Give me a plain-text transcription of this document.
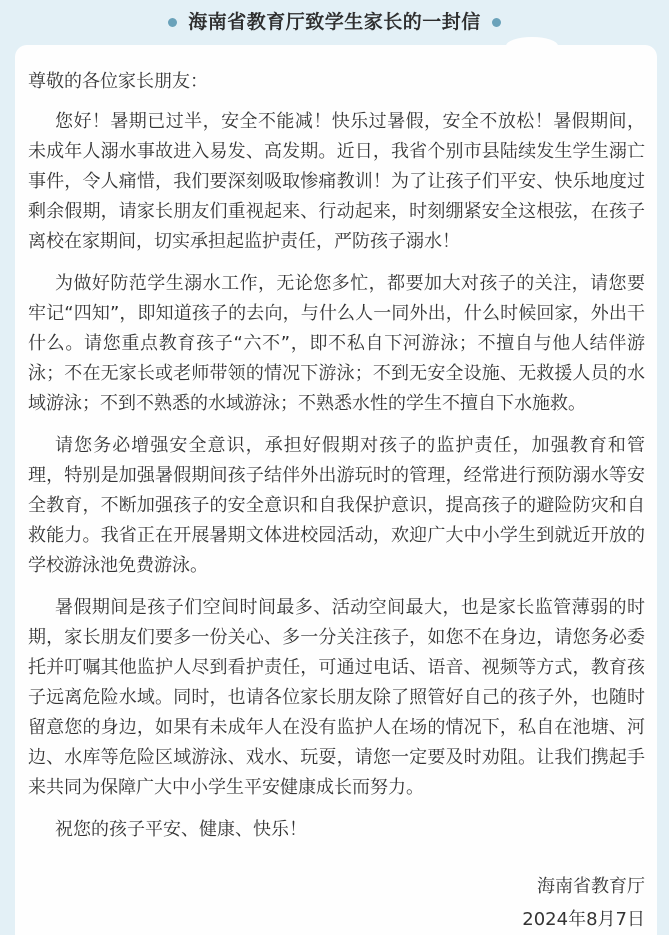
海南省教育厅致学生家长的一封信

尊敬的各位家长朋友：

您好！暑期已过半，安全不能减！快乐过暑假，安全不放松！暑假期间，未成年人溺水事故进入易发、高发期。近日，我省个别市县陆续发生学生溺亡事件，令人痛惜，我们要深刻吸取惨痛教训！为了让孩子们平安、快乐地度过剩余假期，请家长朋友们重视起来、行动起来，时刻绷紧安全这根弦，在孩子离校在家期间，切实承担起监护责任，严防孩子溺水！

为做好防范学生溺水工作，无论您多忙，都要加大对孩子的关注，请您要牢记“四知”，即知道孩子的去向，与什么人一同外出，什么时候回家，外出干什么。请您重点教育孩子“六不”，即不私自下河游泳；不擅自与他人结伴游泳；不在无家长或老师带领的情况下游泳；不到无安全设施、无救援人员的水域游泳；不到不熟悉的水域游泳；不熟悉水性的学生不擅自下水施救。

请您务必增强安全意识，承担好假期对孩子的监护责任，加强教育和管理，特别是加强暑假期间孩子结伴外出游玩时的管理，经常进行预防溺水等安全教育，不断加强孩子的安全意识和自我保护意识，提高孩子的避险防灾和自救能力。我省正在开展暑期文体进校园活动，欢迎广大中小学生到就近开放的学校游泳池免费游泳。

暑假期间是孩子们空间时间最多、活动空间最大，也是家长监管薄弱的时期，家长朋友们要多一份关心、多一分关注孩子，如您不在身边，请您务必委托并叮嘱其他监护人尽到看护责任，可通过电话、语音、视频等方式，教育孩子远离危险水域。同时，也请各位家长朋友除了照管好自己的孩子外，也随时留意您的身边，如果有未成年人在没有监护人在场的情况下，私自在池塘、河边、水库等危险区域游泳、戏水、玩耍，请您一定要及时劝阻。让我们携起手来共同为保障广大中小学生平安健康成长而努力。

祝您的孩子平安、健康、快乐！

海南省教育厅
2024年8月7日
